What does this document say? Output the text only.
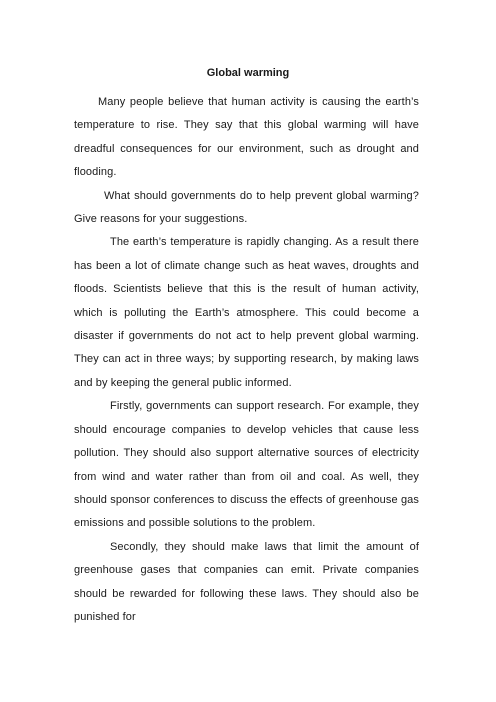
Global warming

Many people believe that human activity is causing the earth’s temperature to rise. They say that this global warming will have dreadful consequences for our environment, such as drought and flooding.

What should governments do to help prevent global warming? Give reasons for your suggestions.

The earth’s temperature is rapidly changing. As a result there has been a lot of climate change such as heat waves, droughts and floods. Scientists believe that this is the result of human activity, which is polluting the Earth’s atmosphere. This could become a disaster if governments do not act to help prevent global warming. They can act in three ways; by supporting research, by making laws and by keeping the general public informed.

Firstly, governments can support research. For example, they should encourage companies to develop vehicles that cause less pollution. They should also support alternative sources of electricity from wind and water rather than from oil and coal. As well, they should sponsor conferences to discuss the effects of greenhouse gas emissions and possible solutions to the problem.

Secondly, they should make laws that limit the amount of greenhouse gases that companies can emit. Private companies should be rewarded for following these laws. They should also be punished for
